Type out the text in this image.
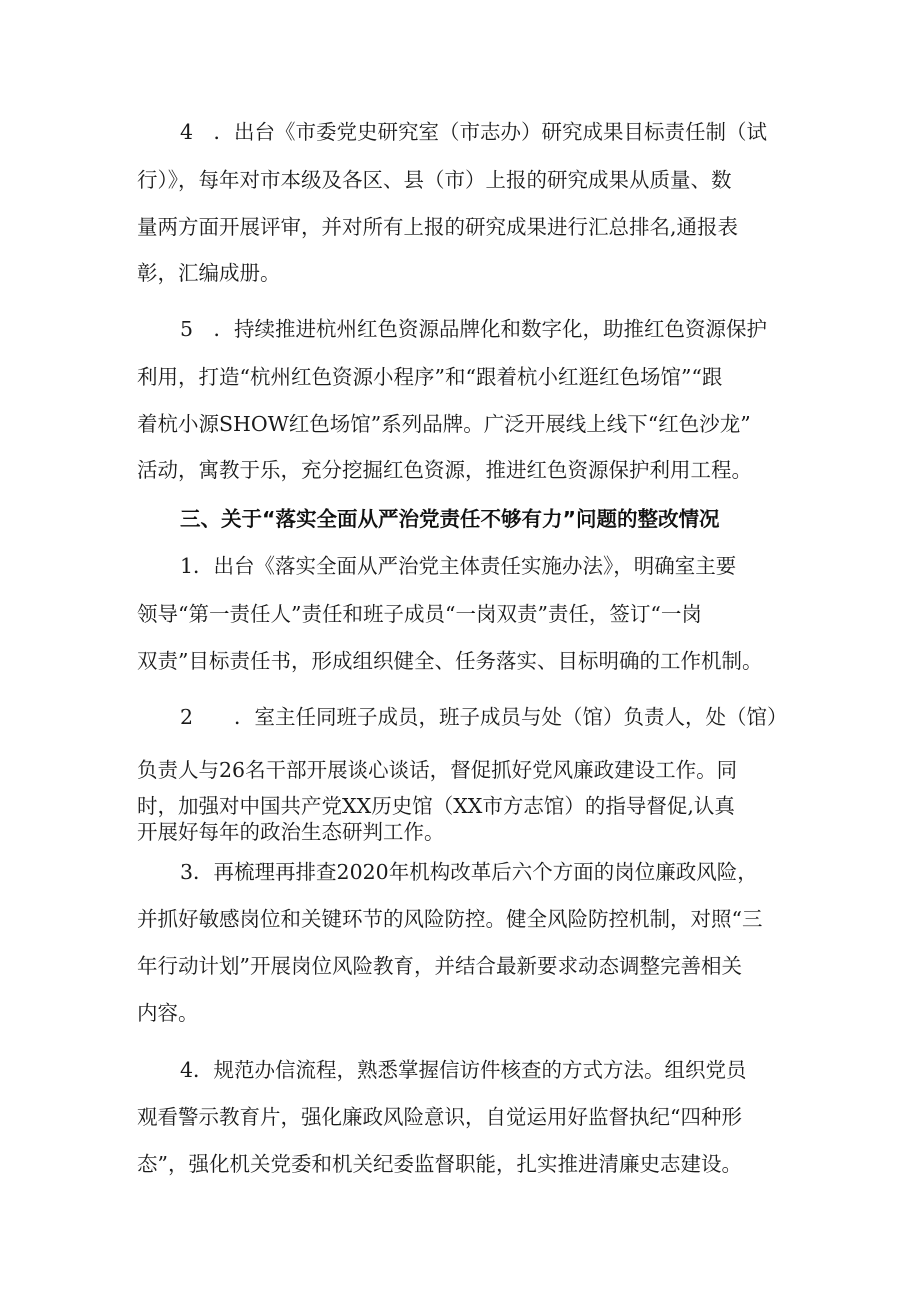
4　．出台《市委党史研究室（市志办）研究成果目标责任制（试
行）》，每年对市本级及各区、县（市）上报的研究成果从质量、数
量两方面开展评审，并对所有上报的研究成果进行汇总排名,通报表
彰，汇编成册。
5　．持续推进杭州红色资源品牌化和数字化，助推红色资源保护
利用，打造“杭州红色资源小程序”和“跟着杭小红逛红色场馆”“跟
着杭小源SHOW红色场馆”系列品牌。广泛开展线上线下“红色沙龙”
活动，寓教于乐，充分挖掘红色资源，推进红色资源保护利用工程。
三、关于“落实全面从严治党责任不够有力”问题的整改情况
1．出台《落实全面从严治党主体责任实施办法》，明确室主要
领导“第一责任人”责任和班子成员“一岗双责”责任，签订“一岗
双责”目标责任书，形成组织健全、任务落实、目标明确的工作机制。
2　　．室主任同班子成员，班子成员与处（馆）负责人，处（馆）
负责人与26名干部开展谈心谈话，督促抓好党风廉政建设工作。同
时，加强对中国共产党XX历史馆（XX市方志馆）的指导督促,认真
开展好每年的政治生态研判工作。
3．再梳理再排查2020年机构改革后六个方面的岗位廉政风险，
并抓好敏感岗位和关键环节的风险防控。健全风险防控机制，对照“三
年行动计划”开展岗位风险教育，并结合最新要求动态调整完善相关
内容。
4．规范办信流程，熟悉掌握信访件核查的方式方法。组织党员
观看警示教育片，强化廉政风险意识，自觉运用好监督执纪“四种形
态”，强化机关党委和机关纪委监督职能，扎实推进清廉史志建设。
